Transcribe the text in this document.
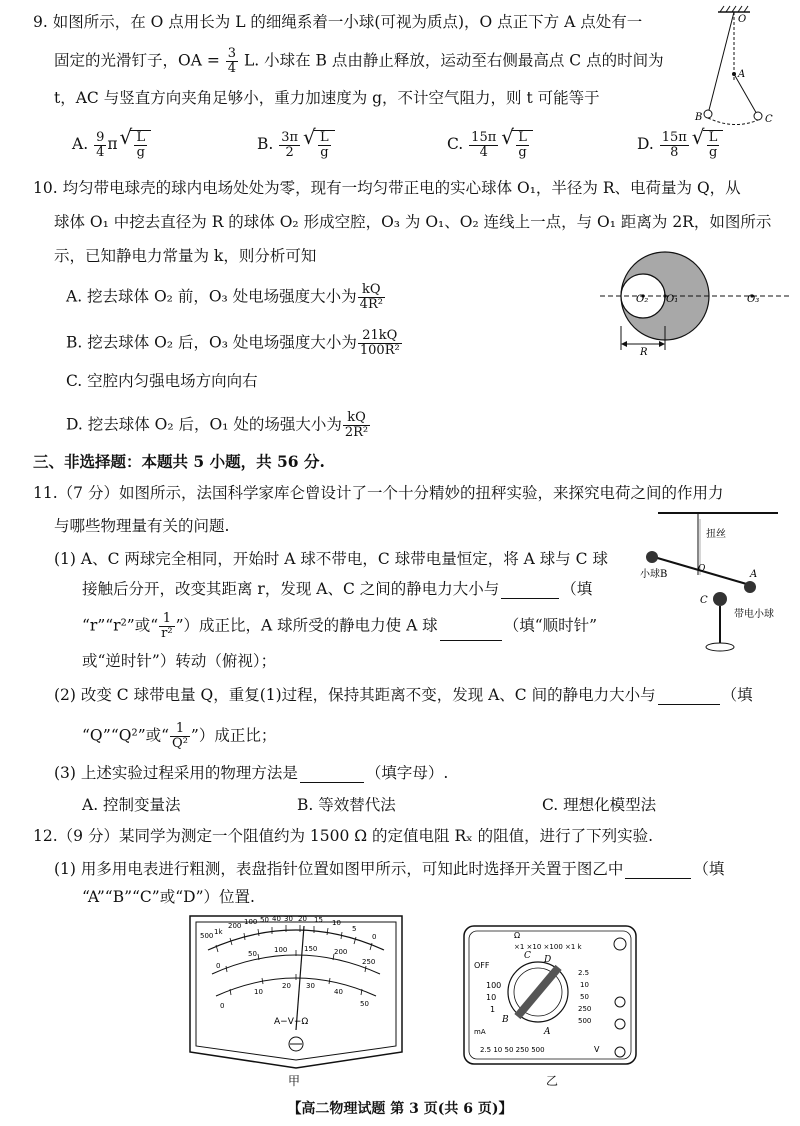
9. 如图所示，在 O 点用长为 L 的细绳系着一小球(可视为质点)，O 点正下方 A 点处有一
固定的光滑钉子，OA = $\frac{3}{4} L$. 小球在 B 点由静止释放，运动至右侧最高点 C 点的时间为
t，AC 与竖直方向夹角足够小，重力加速度为 g，不计空气阻力，则 t 可能等于
A. $\frac{9}{4}$ π √ $\frac{L}{g}$	B. $\frac{3\pi}{2}$
√ $\frac{L}{g}$	C. $\frac{15\pi}{4}$
√ $\frac{L}{g}$	D. $\frac{15\pi}{8}$
√ $\frac{L}{g}$
O
A
B	C
10. 均匀带电球壳的球内电场处处为零，现有一均匀带正电的实心球体 O₁，半径为 R、电荷量为 Q，从
球体 O₁ 中挖去直径为 R 的球体 O₂ 形成空腔，O₃ 为 O₁、O₂ 连线上一点，与 O₁ 距离为 2R，如图所示
示，已知静电力常量为 k，则分析可知
A. 挖去球体 O₂ 前，O₃ 处电场强度大小为 $\frac{kQ}{\text{4R²}}$
B. 挖去球体 O₂ 后，O₃ 处电场强度大小为 $\frac{21kQ}{\text{100R²}}$
C. 空腔内匀强电场方向向右
D. 挖去球体 O₂ 后，O₁ 处的场强大小为 $\frac{kQ}{\text{2R²}}$
O₂ O₁	O₃
R
三、非选择题：本题共 5 小题，共 56 分.
11.（7 分）如图所示，法国科学家库仑曾设计了一个十分精妙的扭秤实验，来探究电荷之间的作用力
与哪些物理量有关的问题.
(1) A、C 两球完全相同，开始时 A 球不带电，C 球带电量恒定，将 A 球与 C 球
接触后分开，改变其距离 r，发现 A、C 之间的静电力大小与	（填
“r”“r²”或“ $\frac{1}{\text{r²}}$ ”）成正比，A 球所受的静电力使 A 球	（填“顺时针”
或“逆时针”）转动（俯视）；
(2) 改变 C 球带电量 Q，重复(1)过程，保持其距离不变，发现 A、C 间的静电力大小与	（填
“Q”“Q²”或“ $\frac{1}{\text{Q²}}$ ”）成正比；
(3) 上述实验过程采用的物理方法是	（填字母）.
A. 控制变量法	B. 等效替代法	C. 理想化模型法
扭丝
O
小球B	A
C
带电小球
12.（9 分）某同学为测定一个阻值约为 1500 Ω 的定值电阻 Rₓ 的阻值，进行了下列实验.
(1) 用多用电表进行粗测，表盘指针位置如图甲所示，可知此时选择开关置于图乙中	（填
“A”“B”“C”或“D”）位置.
500 1k
200 100 50 40 30 20 15 10
5
0
0
50 100 150 200
250
0
10
20 30
40
50
A−V−Ω
甲
Ω
×1 ×10 ×100 ×1 k
OFF
100
10
1
2.5
10
50
250
500
C D
B
A
mA
2.5 10 50 250 500	V
乙
【高二物理试题 第 3 页(共 6 页)】
